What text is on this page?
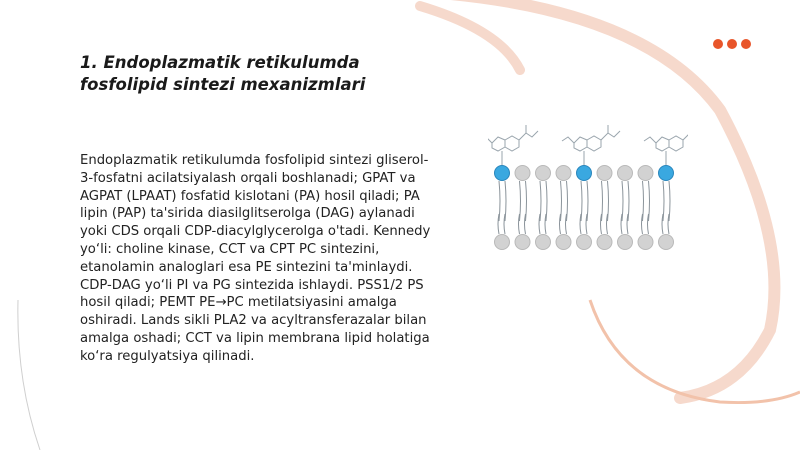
1. Endoplazmatik retikulumda fosfolipid sintezi mexanizmlari

Endoplazmatik retikulumda fosfolipid sintezi gliserol-3-fosfatni acilatsiyalash orqali boshlanadi; GPAT va AGPAT (LPAAT) fosfatid kislotani (PA) hosil qiladi; PA lipin (PAP) ta'sirida diasilglitserolga (DAG) aylanadi yoki CDS orqali CDP-diacylglycerolga o'tadi. Kennedy yo‘li: choline kinase, CCT va CPT PC sintezini, etanolamin analoglari esa PE sintezini ta'minlaydi. CDP-DAG yo‘li PI va PG sintezida ishlaydi. PSS1/2 PS hosil qiladi; PEMT PE→PC metilatsiyasini amalga oshiradi. Lands sikli PLA2 va acyltransferazalar bilan amalga oshadi; CCT va lipin membrana lipid holatiga ko‘ra regulyatsiya qilinadi.
